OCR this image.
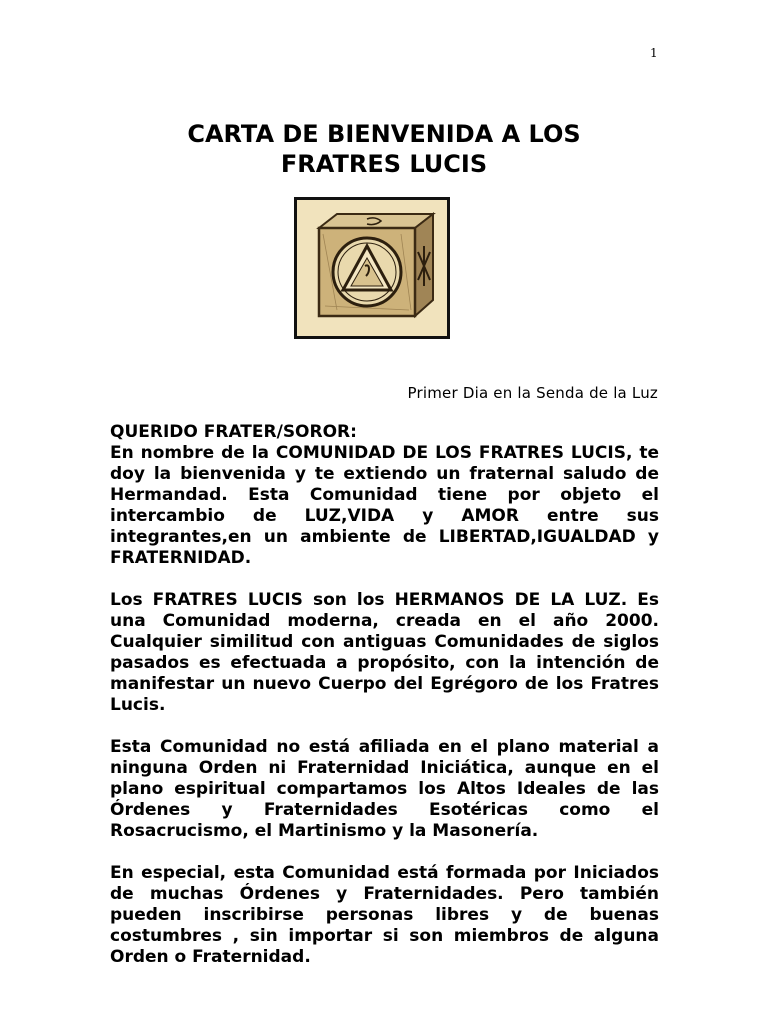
1
CARTA DE BIENVENIDA A LOS
FRATRES LUCIS
Primer Dia en la Senda de la Luz

QUERIDO FRATER/SOROR:
En nombre de la COMUNIDAD DE LOS FRATRES LUCIS, te doy la bienvenida y te extiendo un fraternal saludo de Hermandad. Esta Comunidad tiene por objeto el intercambio de LUZ,VIDA y AMOR entre sus integrantes,en un ambiente de LIBERTAD,IGUALDAD y FRATERNIDAD.

Los FRATRES LUCIS son los HERMANOS DE LA LUZ. Es una Comunidad moderna, creada en el año 2000. Cualquier similitud con antiguas Comunidades de siglos pasados es efectuada a propósito, con la intención de manifestar un nuevo Cuerpo del Egrégoro de los Fratres Lucis.

Esta Comunidad no está afiliada en el plano material a ninguna Orden ni Fraternidad Iniciática, aunque en el plano espiritual compartamos los Altos Ideales de las Órdenes y Fraternidades Esotéricas como el Rosacrucismo, el Martinismo y la Masonería.

En especial, esta Comunidad está formada por Iniciados de muchas Órdenes y Fraternidades. Pero también pueden inscribirse personas libres y de buenas costumbres , sin importar si son miembros de alguna Orden o Fraternidad.
